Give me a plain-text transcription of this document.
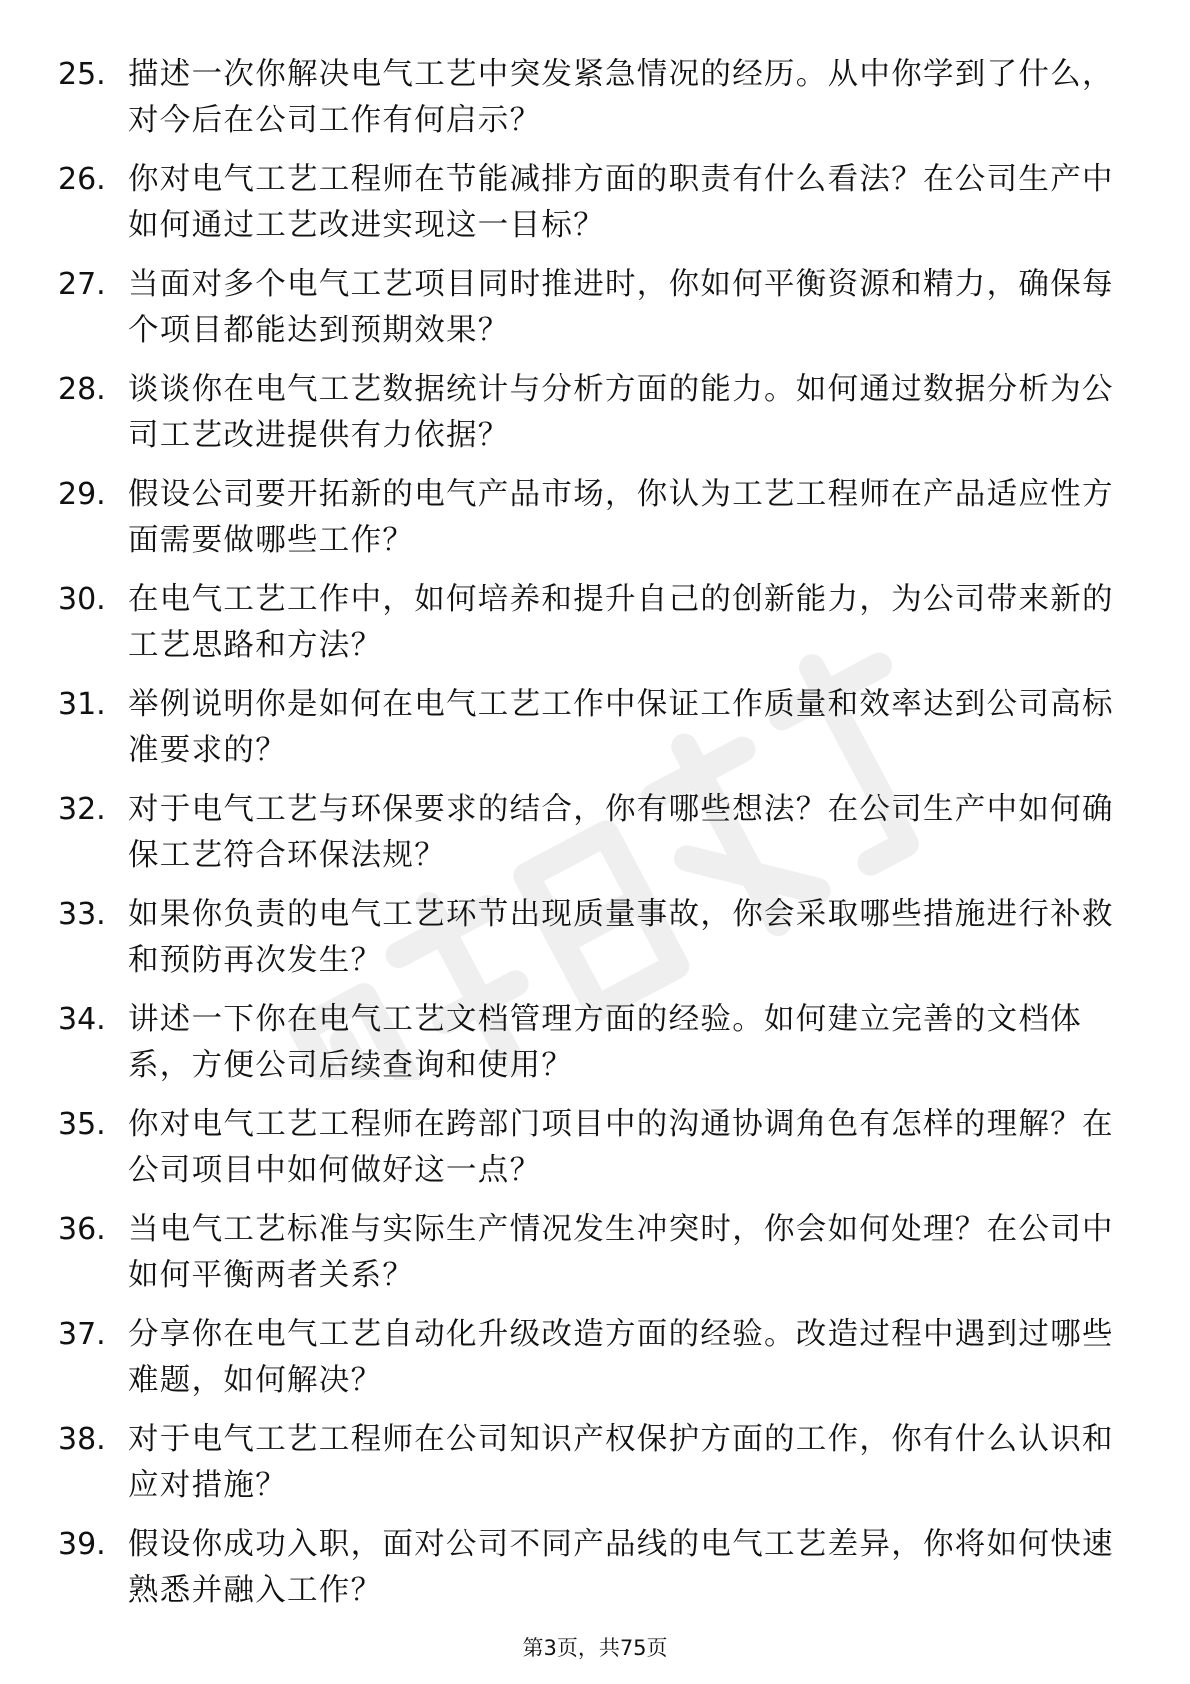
25. 描述一次你解决电气工艺中突发紧急情况的经历。从中你学到了什么，对今后在公司工作有何启示？
26. 你对电气工艺工程师在节能减排方面的职责有什么看法？在公司生产中如何通过工艺改进实现这一目标？
27. 当面对多个电气工艺项目同时推进时，你如何平衡资源和精力，确保每个项目都能达到预期效果？
28. 谈谈你在电气工艺数据统计与分析方面的能力。如何通过数据分析为公司工艺改进提供有力依据？
29. 假设公司要开拓新的电气产品市场，你认为工艺工程师在产品适应性方面需要做哪些工作？
30. 在电气工艺工作中，如何培养和提升自己的创新能力，为公司带来新的工艺思路和方法？
31. 举例说明你是如何在电气工艺工作中保证工作质量和效率达到公司高标准要求的？
32. 对于电气工艺与环保要求的结合，你有哪些想法？在公司生产中如何确保工艺符合环保法规？
33. 如果你负责的电气工艺环节出现质量事故，你会采取哪些措施进行补救和预防再次发生？
34. 讲述一下你在电气工艺文档管理方面的经验。如何建立完善的文档体系，方便公司后续查询和使用？
35. 你对电气工艺工程师在跨部门项目中的沟通协调角色有怎样的理解？在公司项目中如何做好这一点？
36. 当电气工艺标准与实际生产情况发生冲突时，你会如何处理？在公司中如何平衡两者关系？
37. 分享你在电气工艺自动化升级改造方面的经验。改造过程中遇到过哪些难题，如何解决？
38. 对于电气工艺工程师在公司知识产权保护方面的工作，你有什么认识和应对措施？
39. 假设你成功入职，面对公司不同产品线的电气工艺差异，你将如何快速熟悉并融入工作？
第3页，共75页
